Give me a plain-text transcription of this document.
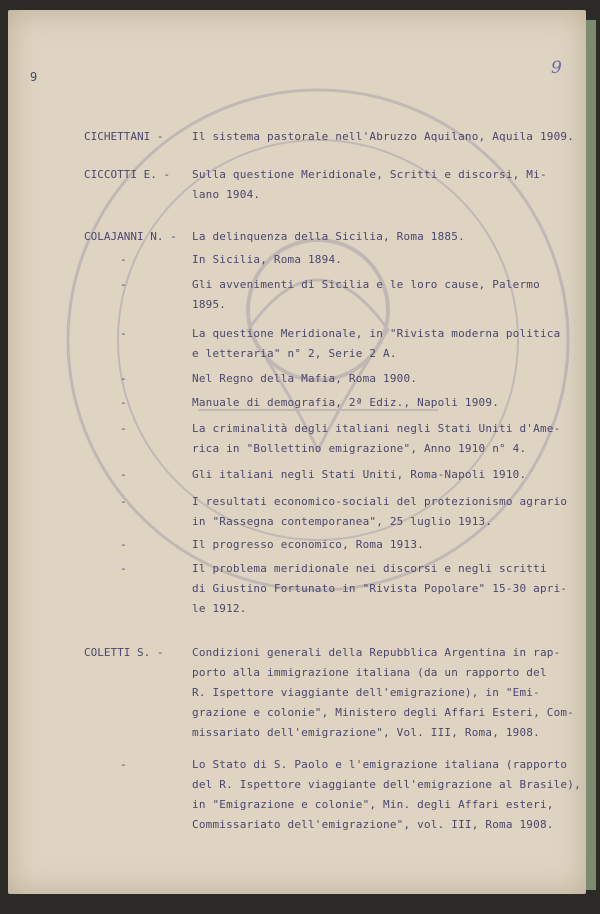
9	9
CICHETTANI -	Il sistema pastorale nell'Abruzzo Aquilano, Aquila 1909.
CICCOTTI E. - Sulla questione Meridionale, Scritti e discorsi, Mi-
lano 1904.
COLAJANNI N. - La delinquenza della Sicilia, Roma 1885.
-	In Sicilia, Roma 1894.
-	Gli avvenimenti di Sicilia e le loro cause, Palermo
1895.
-	La questione Meridionale, in "Rivista moderna politica
e letteraria" n° 2, Serie 2 A.
-	Nel Regno della Mafia, Roma 1900.
-	Manuale di demografia, 2ª Ediz., Napoli 1909.
-	La criminalità degli italiani negli Stati Uniti d'Ame-
rica in "Bollettino emigrazione", Anno 1910 n° 4.
-	Gli italiani negli Stati Uniti, Roma-Napoli 1910.
-	I resultati economico-sociali del protezionismo agrario
in "Rassegna contemporanea", 25 luglio 1913.
-	Il progresso economico, Roma 1913.
-	Il problema meridionale nei discorsi e negli scritti
di Giustino Fortunato in "Rivista Popolare" 15-30 apri-
le 1912.
COLETTI S. -	Condizioni generali della Repubblica Argentina in rap-
porto alla immigrazione italiana (da un rapporto del
R. Ispettore viaggiante dell'emigrazione), in "Emi-
grazione e colonie", Ministero degli Affari Esteri, Com-
missariato dell'emigrazione", Vol. III, Roma, 1908.
-	Lo Stato di S. Paolo e l'emigrazione italiana (rapporto
del R. Ispettore viaggiante dell'emigrazione al Brasile),
in "Emigrazione e colonie", Min. degli Affari esteri,
Commissariato dell'emigrazione", vol. III, Roma 1908.
